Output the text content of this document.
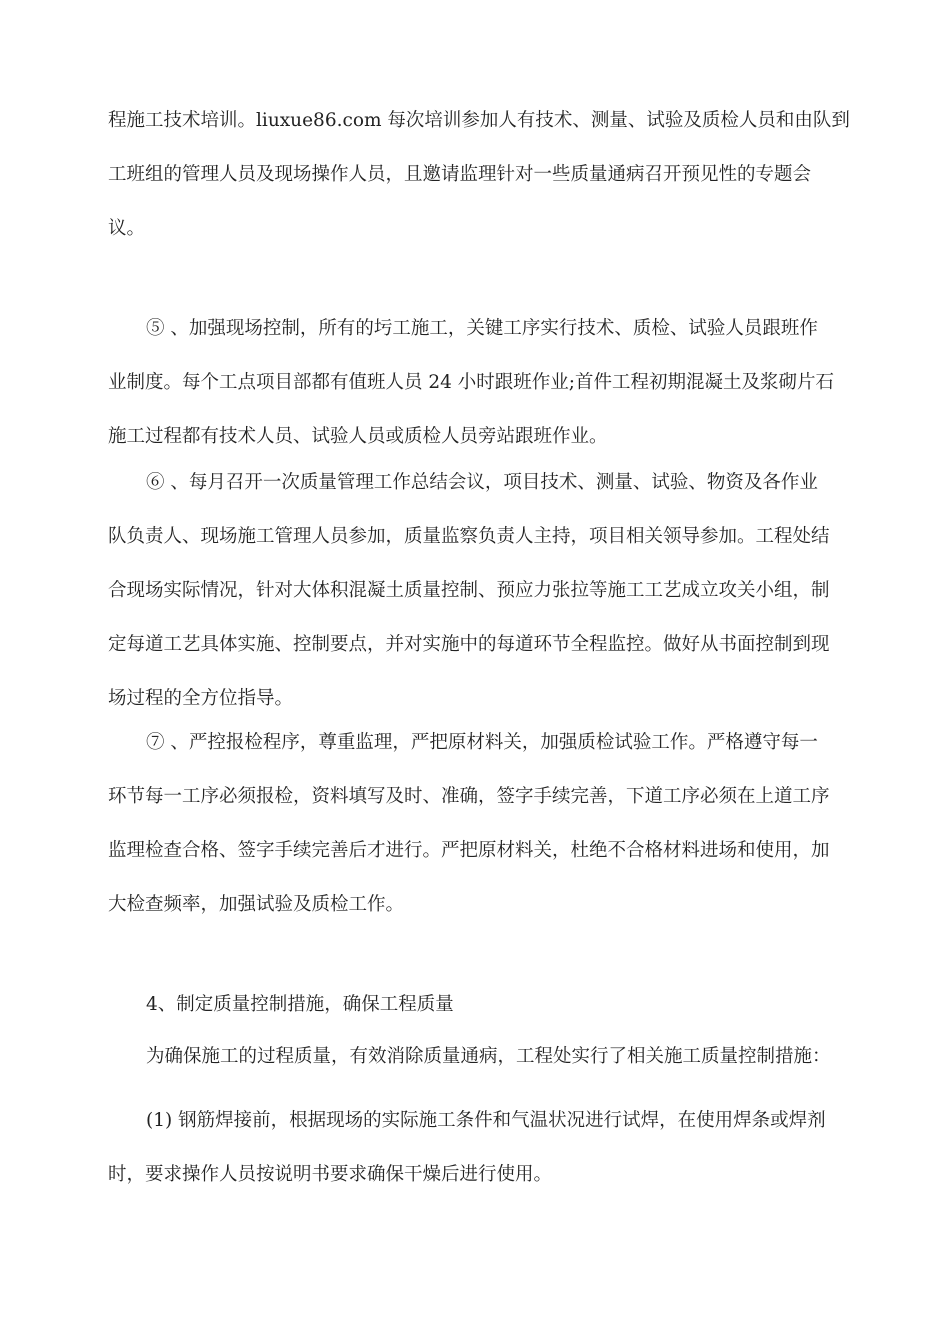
程施工技术培训。liuxue86.com 每次培训参加人有技术、测量、试验及质检人员和由队到
工班组的管理人员及现场操作人员，且邀请监理针对一些质量通病召开预见性的专题会
议。
⑤ 、加强现场控制，所有的圬工施工，关键工序实行技术、质检、试验人员跟班作
业制度。每个工点项目部都有值班人员 24 小时跟班作业;首件工程初期混凝土及浆砌片石
施工过程都有技术人员、试验人员或质检人员旁站跟班作业。
⑥ 、每月召开一次质量管理工作总结会议，项目技术、测量、试验、物资及各作业
队负责人、现场施工管理人员参加，质量监察负责人主持，项目相关领导参加。工程处结
合现场实际情况，针对大体积混凝土质量控制、预应力张拉等施工工艺成立攻关小组，制
定每道工艺具体实施、控制要点，并对实施中的每道环节全程监控。做好从书面控制到现
场过程的全方位指导。
⑦ 、严控报检程序，尊重监理，严把原材料关，加强质检试验工作。严格遵守每一
环节每一工序必须报检，资料填写及时、准确，签字手续完善，下道工序必须在上道工序
监理检查合格、签字手续完善后才进行。严把原材料关，杜绝不合格材料进场和使用，加
大检查频率，加强试验及质检工作。
4、制定质量控制措施，确保工程质量
为确保施工的过程质量，有效消除质量通病，工程处实行了相关施工质量控制措施：
(1) 钢筋焊接前，根据现场的实际施工条件和气温状况进行试焊，在使用焊条或焊剂
时，要求操作人员按说明书要求确保干燥后进行使用。
